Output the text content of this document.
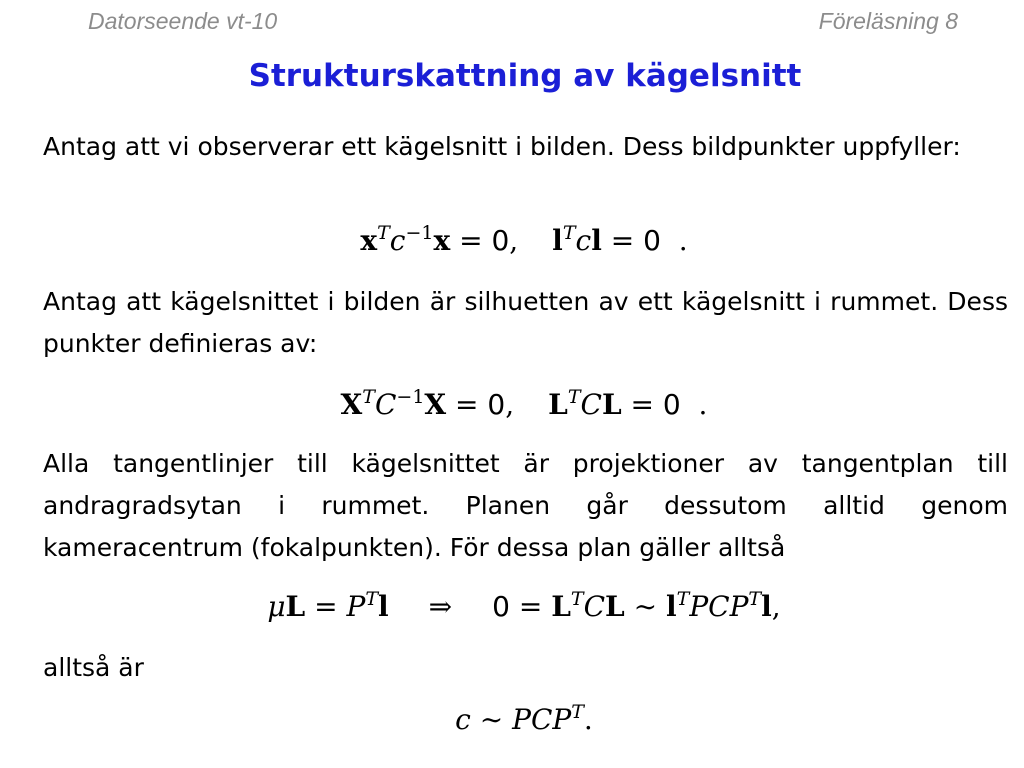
Datorseende vt-10	Föreläsning 8
Strukturskattning av kägelsnitt
Antag att vi observerar ett kägelsnitt i bilden. Dess bildpunkter uppfyller:
$x^Tc^{-1}x = 0$, $l^Tcl = 0$  .
Antag att kägelsnittet i bilden är silhuetten av ett kägelsnitt i rummet. Dess punkter definieras av:
$X^TC^{-1}X = 0$, $L^TCL = 0$  .
Alla tangentlinjer till kägelsnittet är projektioner av tangentplan till andragradsytan i rummet. Planen går dessutom alltid genom kameracentrum (fokalpunkten). För dessa plan gäller alltså
$\mu L = P^Tl$ ⇒ $0 = L^TCL$ ∼ $l^TPCP^Tl$,
alltså är
c ∼ $PCP^T$.
